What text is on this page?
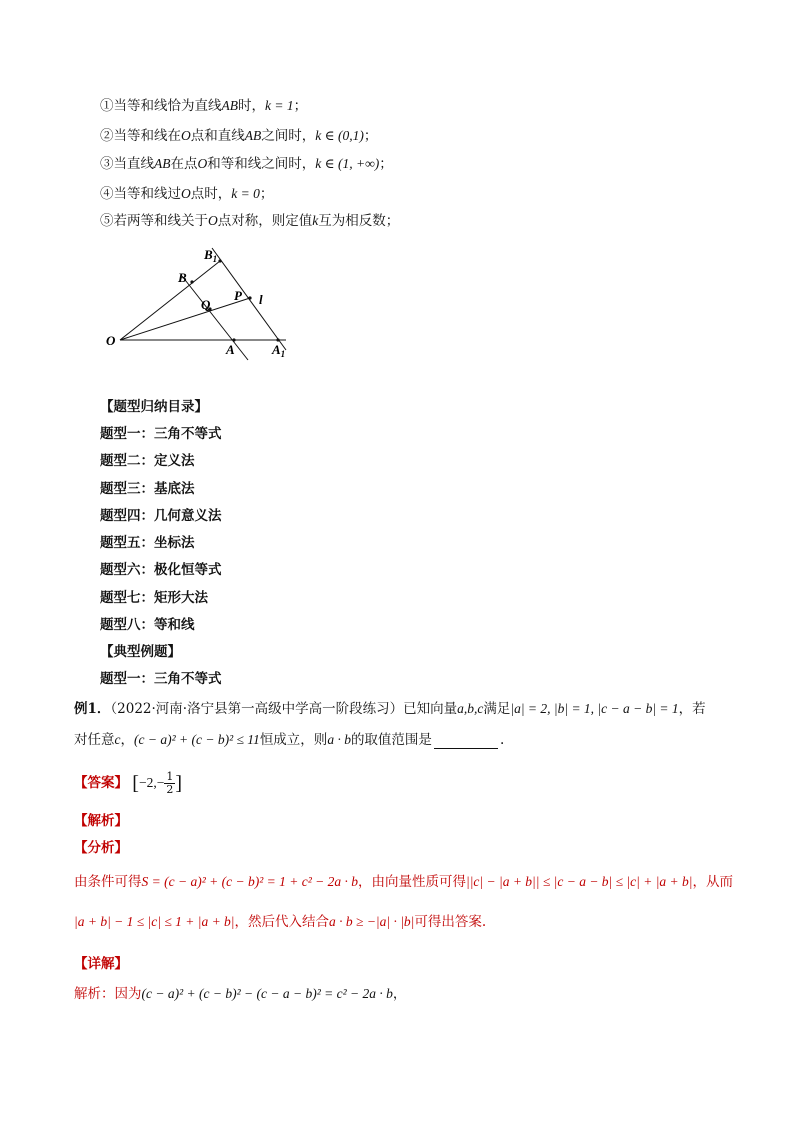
①当等和线恰为直线AB时，k = 1；
②当等和线在O点和直线AB之间时，k ∈ (0,1)；
③当直线AB在点O和等和线之间时，k ∈ (1, +∞)；
④当等和线过O点时，k = 0；
⑤若两等和线关于O点对称，则定值k互为相反数；
$B_1$
B
Q
P l
O
A	$A_1$
【题型归纳目录】
题型一：三角不等式
题型二：定义法
题型三：基底法
题型四：几何意义法
题型五：坐标法
题型六：极化恒等式
题型七：矩形大法
题型八：等和线
【典型例题】
题型一：三角不等式
例1．（2022·河南·洛宁县第一高级中学高一阶段练习）已知向量a,b,c满足|a| = 2, |b| = 1, |c − a − b| = 1，若
对任意c，(c − a)² + (c − b)² ≤ 11恒成立，则a · b的取值范围是	.
【答案】 [$-2,- \frac{1}{2}$ ]
【解析】
【分析】
由条件可得S = (c − a)² + (c − b)² = 1 + c² − 2a · b，由向量性质可得||c| − |a + b|| ≤ |c − a − b| ≤ |c| + |a + b|，从而
|a + b| − 1 ≤ |c| ≤ 1 + |a + b|，然后代入结合a · b ≥ −|a| · |b|可得出答案.
【详解】
解析：因为(c − a)² + (c − b)² − (c − a − b)² = c² − 2a · b，
